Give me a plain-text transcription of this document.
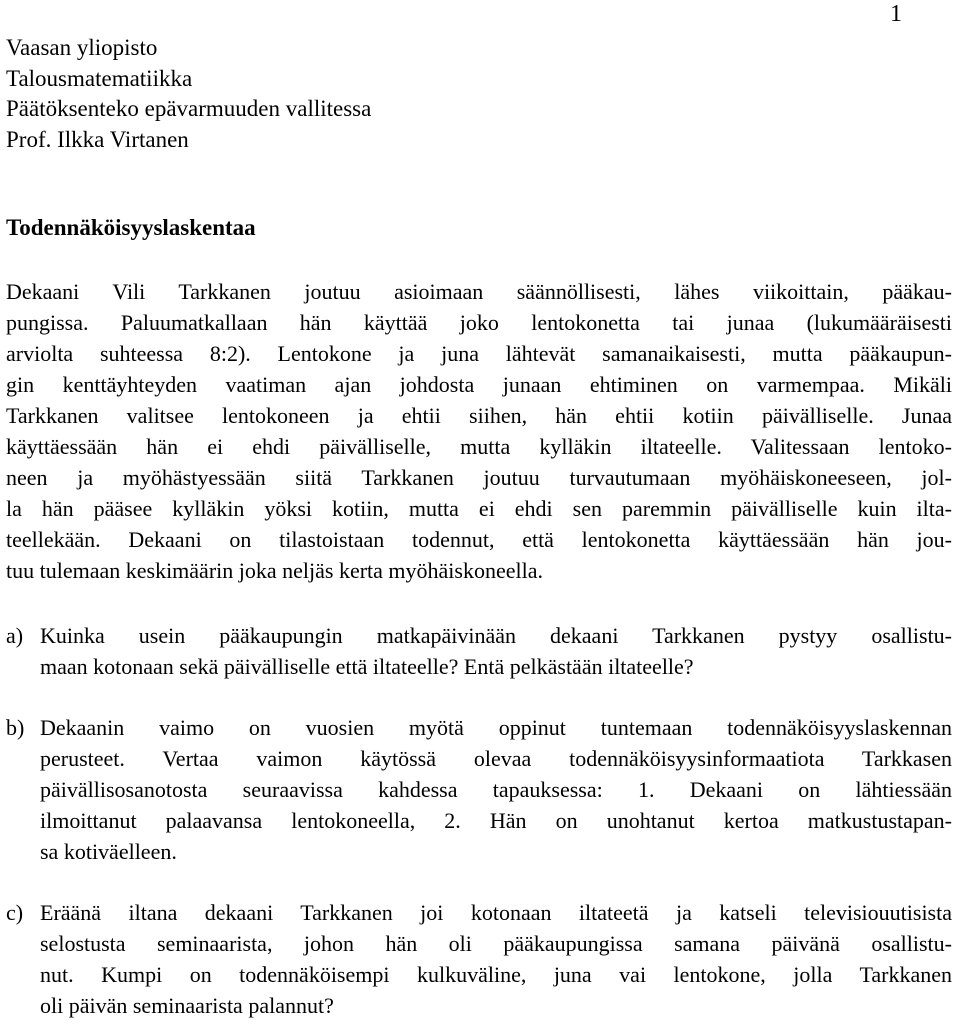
1
Vaasan yliopisto
Talousmatematiikka
Päätöksenteko epävarmuuden vallitessa
Prof. Ilkka Virtanen
Todennäköisyyslaskentaa
Dekaani Vili Tarkkanen joutuu asioimaan säännöllisesti, lähes viikoittain, pääkau-
pungissa. Paluumatkallaan hän käyttää joko lentokonetta tai junaa (lukumääräisesti
arviolta suhteessa 8:2). Lentokone ja juna lähtevät samanaikaisesti, mutta pääkaupun-
gin kenttäyhteyden vaatiman ajan johdosta junaan ehtiminen on varmempaa. Mikäli
Tarkkanen valitsee lentokoneen ja ehtii siihen, hän ehtii kotiin päivälliselle. Junaa
käyttäessään hän ei ehdi päivälliselle, mutta kylläkin iltateelle. Valitessaan lentoko-
neen ja myöhästyessään siitä Tarkkanen joutuu turvautumaan myöhäiskoneeseen, jol-
la hän pääsee kylläkin yöksi kotiin, mutta ei ehdi sen paremmin päivälliselle kuin ilta-
teellekään. Dekaani on tilastoistaan todennut, että lentokonetta käyttäessään hän jou-
tuu tulemaan keskimäärin joka neljäs kerta myöhäiskoneella.
a) Kuinka usein pääkaupungin matkapäivinään dekaani Tarkkanen pystyy osallistu-
maan kotonaan sekä päivälliselle että iltateelle? Entä pelkästään iltateelle?
b) Dekaanin vaimo on vuosien myötä oppinut tuntemaan todennäköisyyslaskennan
perusteet. Vertaa vaimon käytössä olevaa todennäköisyysinformaatiota Tarkkasen
päivällisosanotosta seuraavissa kahdessa tapauksessa: 1. Dekaani on lähtiessään
ilmoittanut palaavansa lentokoneella, 2. Hän on unohtanut kertoa matkustustapan-
sa kotiväelleen.
c) Eräänä iltana dekaani Tarkkanen joi kotonaan iltateetä ja katseli televisiouutisista
selostusta seminaarista, johon hän oli pääkaupungissa samana päivänä osallistu-
nut. Kumpi on todennäköisempi kulkuväline, juna vai lentokone, jolla Tarkkanen
oli päivän seminaarista palannut?
